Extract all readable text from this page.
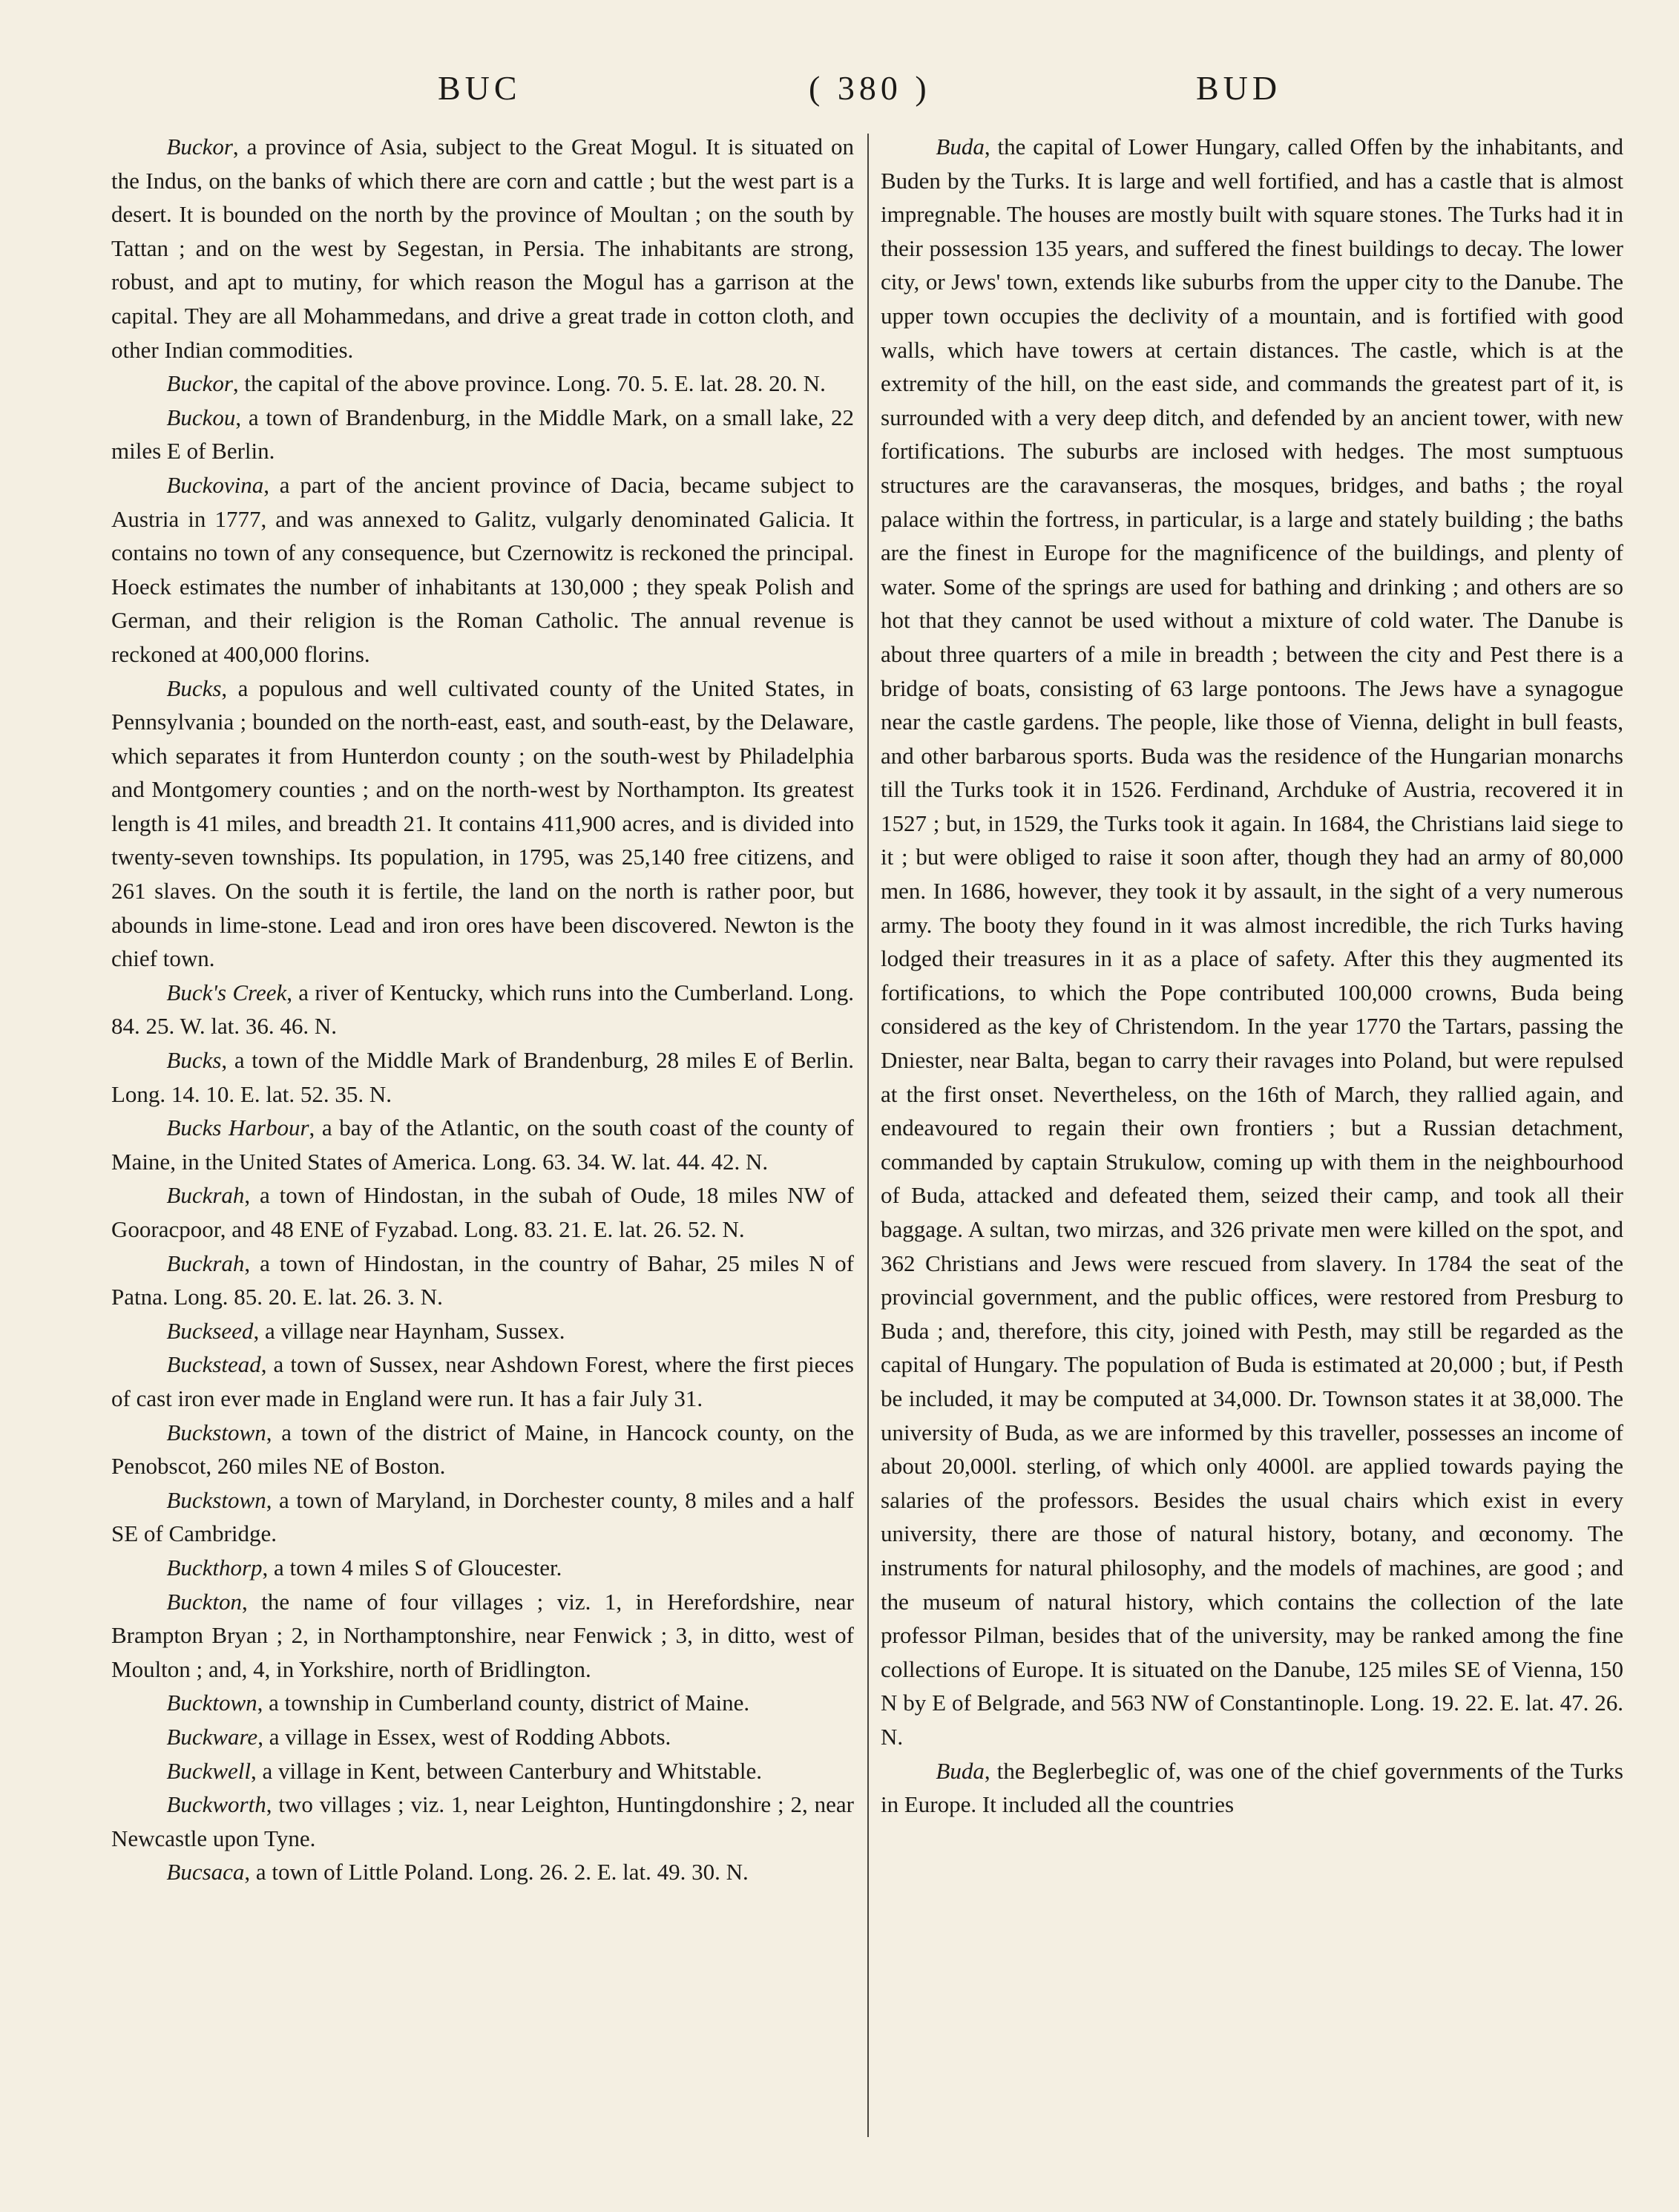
BUC	( 380 )	BUD

Buckor, a province of Asia, subject to the Great Mogul. It is situated on the Indus, on the banks of which there are corn and cattle ; but the west part is a desert. It is bounded on the north by the province of Moultan ; on the south by Tattan ; and on the west by Segestan, in Persia. The inhabitants are strong, robust, and apt to mutiny, for which reason the Mogul has a garrison at the capital. They are all Mohammedans, and drive a great trade in cotton cloth, and other Indian commodities.

Buckor, the capital of the above province. Long. 70. 5. E. lat. 28. 20. N.

Buckou, a town of Brandenburg, in the Middle Mark, on a small lake, 22 miles E of Berlin.

Buckovina, a part of the ancient province of Dacia, became subject to Austria in 1777, and was annexed to Galitz, vulgarly denominated Galicia. It contains no town of any consequence, but Czernowitz is reckoned the principal. Hoeck estimates the number of inhabitants at 130,000 ; they speak Polish and German, and their religion is the Roman Catholic. The annual revenue is reckoned at 400,000 florins.

Bucks, a populous and well cultivated county of the United States, in Pennsylvania ; bounded on the north-east, east, and south-east, by the Delaware, which separates it from Hunterdon county ; on the south-west by Philadelphia and Montgomery counties ; and on the north-west by Northampton. Its greatest length is 41 miles, and breadth 21. It contains 411,900 acres, and is divided into twenty-seven townships. Its population, in 1795, was 25,140 free citizens, and 261 slaves. On the south it is fertile, the land on the north is rather poor, but abounds in lime-stone. Lead and iron ores have been discovered. Newton is the chief town.

Buck's Creek, a river of Kentucky, which runs into the Cumberland. Long. 84. 25. W. lat. 36. 46. N.

Bucks, a town of the Middle Mark of Brandenburg, 28 miles E of Berlin. Long. 14. 10. E. lat. 52. 35. N.

Bucks Harbour, a bay of the Atlantic, on the south coast of the county of Maine, in the United States of America. Long. 63. 34. W. lat. 44. 42. N.

Buckrah, a town of Hindostan, in the subah of Oude, 18 miles NW of Gooracpoor, and 48 ENE of Fyzabad. Long. 83. 21. E. lat. 26. 52. N.

Buckrah, a town of Hindostan, in the country of Bahar, 25 miles N of Patna. Long. 85. 20. E. lat. 26. 3. N.

Buckseed, a village near Haynham, Sussex.

Buckstead, a town of Sussex, near Ashdown Forest, where the first pieces of cast iron ever made in England were run. It has a fair July 31.

Buckstown, a town of the district of Maine, in Hancock county, on the Penobscot, 260 miles NE of Boston.

Buckstown, a town of Maryland, in Dorchester county, 8 miles and a half SE of Cambridge.

Buckthorp, a town 4 miles S of Gloucester.

Buckton, the name of four villages ; viz. 1, in Herefordshire, near Brampton Bryan ; 2, in Northamptonshire, near Fenwick ; 3, in ditto, west of Moulton ; and, 4, in Yorkshire, north of Bridlington.

Bucktown, a township in Cumberland county, district of Maine.

Buckware, a village in Essex, west of Rodding Abbots.

Buckwell, a village in Kent, between Canterbury and Whitstable.

Buckworth, two villages ; viz. 1, near Leighton, Huntingdonshire ; 2, near Newcastle upon Tyne.

Bucsaca, a town of Little Poland. Long. 26. 2. E. lat. 49. 30. N.

Buda, the capital of Lower Hungary, called Offen by the inhabitants, and Buden by the Turks. It is large and well fortified, and has a castle that is almost impregnable. The houses are mostly built with square stones. The Turks had it in their possession 135 years, and suffered the finest buildings to decay. The lower city, or Jews' town, extends like suburbs from the upper city to the Danube. The upper town occupies the declivity of a mountain, and is fortified with good walls, which have towers at certain distances. The castle, which is at the extremity of the hill, on the east side, and commands the greatest part of it, is surrounded with a very deep ditch, and defended by an ancient tower, with new fortifications. The suburbs are inclosed with hedges. The most sumptuous structures are the caravanseras, the mosques, bridges, and baths ; the royal palace within the fortress, in particular, is a large and stately building ; the baths are the finest in Europe for the magnificence of the buildings, and plenty of water. Some of the springs are used for bathing and drinking ; and others are so hot that they cannot be used without a mixture of cold water. The Danube is about three quarters of a mile in breadth ; between the city and Pest there is a bridge of boats, consisting of 63 large pontoons. The Jews have a synagogue near the castle gardens. The people, like those of Vienna, delight in bull feasts, and other barbarous sports. Buda was the residence of the Hungarian monarchs till the Turks took it in 1526. Ferdinand, Archduke of Austria, recovered it in 1527 ; but, in 1529, the Turks took it again. In 1684, the Christians laid siege to it ; but were obliged to raise it soon after, though they had an army of 80,000 men. In 1686, however, they took it by assault, in the sight of a very numerous army. The booty they found in it was almost incredible, the rich Turks having lodged their treasures in it as a place of safety. After this they augmented its fortifications, to which the Pope contributed 100,000 crowns, Buda being considered as the key of Christendom. In the year 1770 the Tartars, passing the Dniester, near Balta, began to carry their ravages into Poland, but were repulsed at the first onset. Nevertheless, on the 16th of March, they rallied again, and endeavoured to regain their own frontiers ; but a Russian detachment, commanded by captain Strukulow, coming up with them in the neighbourhood of Buda, attacked and defeated them, seized their camp, and took all their baggage. A sultan, two mirzas, and 326 private men were killed on the spot, and 362 Christians and Jews were rescued from slavery. In 1784 the seat of the provincial government, and the public offices, were restored from Presburg to Buda ; and, therefore, this city, joined with Pesth, may still be regarded as the capital of Hungary. The population of Buda is estimated at 20,000 ; but, if Pesth be included, it may be computed at 34,000. Dr. Townson states it at 38,000. The university of Buda, as we are informed by this traveller, possesses an income of about 20,000l. sterling, of which only 4000l. are applied towards paying the salaries of the professors. Besides the usual chairs which exist in every university, there are those of natural history, botany, and œconomy. The instruments for natural philosophy, and the models of machines, are good ; and the museum of natural history, which contains the collection of the late professor Pilman, besides that of the university, may be ranked among the fine collections of Europe. It is situated on the Danube, 125 miles SE of Vienna, 150 N by E of Belgrade, and 563 NW of Constantinople. Long. 19. 22. E. lat. 47. 26. N.

Buda, the Beglerbeglic of, was one of the chief governments of the Turks in Europe. It included all the countries
